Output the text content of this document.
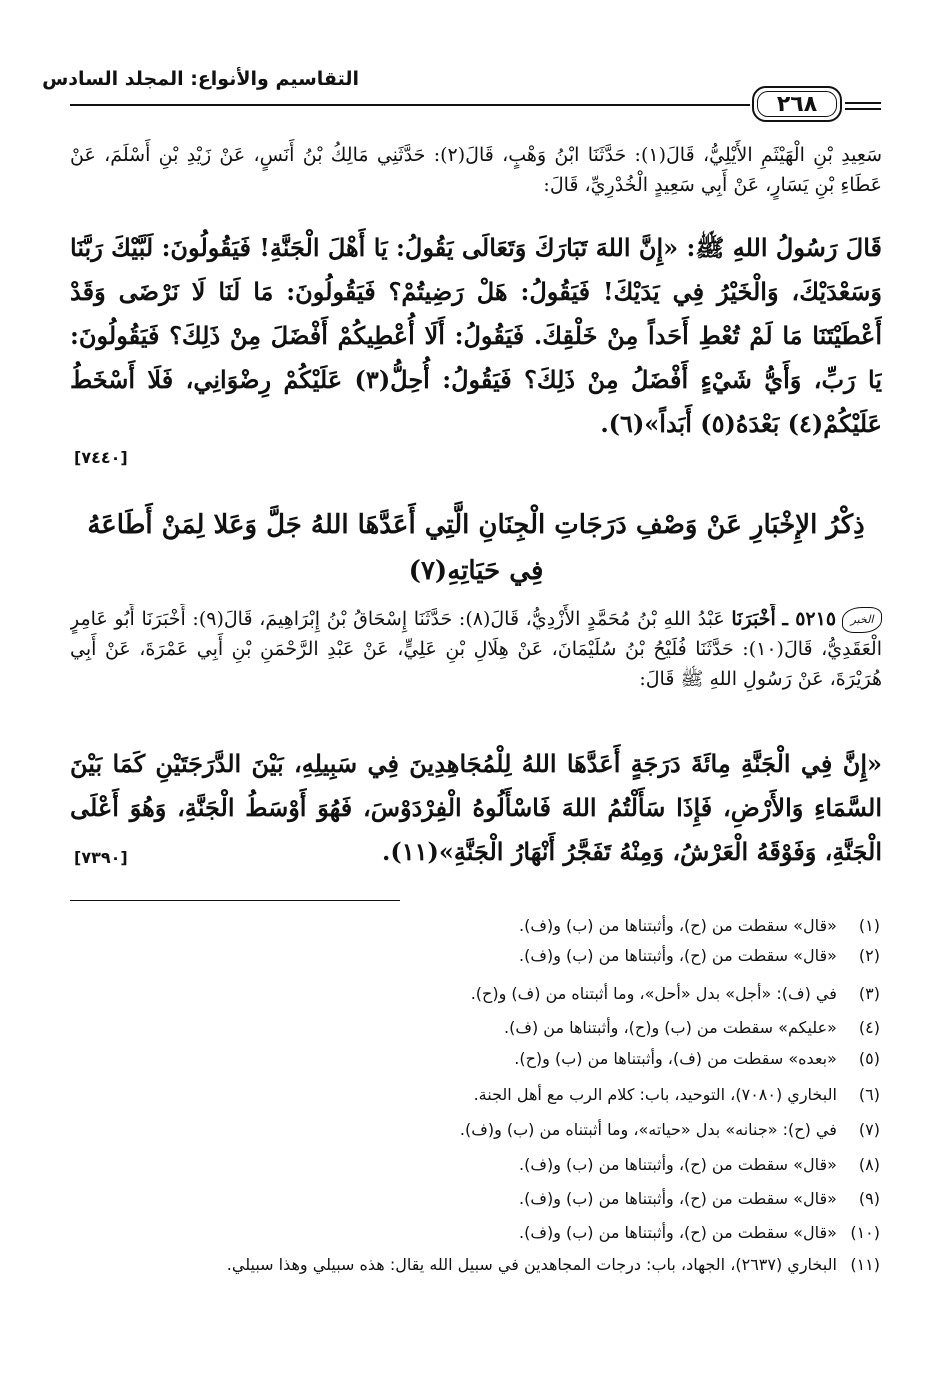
التقاسيم والأنواع: المجلد السادس
٢٦٨
سَعِيدِ بْنِ الْهَيْثَمِ الأَيْلِيُّ، قَالَ(١): حَدَّثَنَا ابْنُ وَهْبٍ، قَالَ(٢): حَدَّثَنِي مَالِكُ بْنُ أَنَسٍ، عَنْ زَيْدِ بْنِ أَسْلَمَ، عَنْ عَطَاءِ بْنِ يَسَارٍ، عَنْ أَبِي سَعِيدٍ الْخُدْرِيِّ، قَالَ:
قَالَ رَسُولُ اللهِ ﷺ: «إِنَّ اللهَ تَبَارَكَ وَتَعَالَى يَقُولُ: يَا أَهْلَ الْجَنَّةِ! فَيَقُولُونَ: لَبَّيْكَ رَبَّنَا وَسَعْدَيْكَ، وَالْخَيْرُ فِي يَدَيْكَ! فَيَقُولُ: هَلْ رَضِيتُمْ؟ فَيَقُولُونَ: مَا لَنَا لَا نَرْضَى وَقَدْ أَعْطَيْتَنَا مَا لَمْ تُعْطِ أَحَداً مِنْ خَلْقِكَ. فَيَقُولُ: أَلَا أُعْطِيكُمْ أَفْضَلَ مِنْ ذَلِكَ؟ فَيَقُولُونَ: يَا رَبِّ، وَأَيُّ شَيْءٍ أَفْضَلُ مِنْ ذَلِكَ؟ فَيَقُولُ: أُحِلُّ(٣) عَلَيْكُمْ رِضْوَانِي، فَلَا أَسْخَطُ عَلَيْكُمْ(٤) بَعْدَهُ(٥) أَبَداً»(٦).
[٧٤٤٠]
ذِكْرُ الإِخْبَارِ عَنْ وَصْفِ دَرَجَاتِ الْجِنَانِ الَّتِي أَعَدَّهَا اللهُ جَلَّ وَعَلا لِمَنْ أَطَاعَهُ فِي حَيَاتِهِ(٧)
الخبر٥٢١٥ ـ أَخْبَرَنَا عَبْدُ اللهِ بْنُ مُحَمَّدٍ الأَزْدِيُّ، قَالَ(٨): حَدَّثَنَا إِسْحَاقُ بْنُ إِبْرَاهِيمَ، قَالَ(٩): أَخْبَرَنَا أَبُو عَامِرٍ الْعَقَدِيُّ، قَالَ(١٠): حَدَّثَنَا فُلَيْحُ بْنُ سُلَيْمَانَ، عَنْ هِلَالِ بْنِ عَلِيٍّ، عَنْ عَبْدِ الرَّحْمَنِ بْنِ أَبِي عَمْرَةَ، عَنْ أَبِي هُرَيْرَةَ، عَنْ رَسُولِ اللهِ ﷺ قَالَ:
«إِنَّ فِي الْجَنَّةِ مِائَةَ دَرَجَةٍ أَعَدَّهَا اللهُ لِلْمُجَاهِدِينَ فِي سَبِيلِهِ، بَيْنَ الدَّرَجَتَيْنِ كَمَا بَيْنَ السَّمَاءِ وَالأَرْضِ، فَإِذَا سَأَلْتُمُ اللهَ فَاسْأَلُوهُ الْفِرْدَوْسَ، فَهُوَ أَوْسَطُ الْجَنَّةِ، وَهُوَ أَعْلَى الْجَنَّةِ، وَفَوْقَهُ الْعَرْشُ، وَمِنْهُ تَفَجَّرُ أَنْهَارُ الْجَنَّةِ»(١١).
[٧٣٩٠]
(١) «قال» سقطت من (ح)، وأثبتناها من (ب) و(ف).
(٢) «قال» سقطت من (ح)، وأثبتناها من (ب) و(ف).
(٣) في (ف): «أجل» بدل «أحل»، وما أثبتناه من (ف) و(ح).
(٤) «عليكم» سقطت من (ب) و(ح)، وأثبتناها من (ف).
(٥) «بعده» سقطت من (ف)، وأثبتناها من (ب) و(ح).
(٦) البخاري (٧٠٨٠)، التوحيد، باب: كلام الرب مع أهل الجنة.
(٧) في (ح): «جنانه» بدل «حياته»، وما أثبتناه من (ب) و(ف).
(٨) «قال» سقطت من (ح)، وأثبتناها من (ب) و(ف).
(٩) «قال» سقطت من (ح)، وأثبتناها من (ب) و(ف).
(١٠) «قال» سقطت من (ح)، وأثبتناها من (ب) و(ف).
(١١) البخاري (٢٦٣٧)، الجهاد، باب: درجات المجاهدين في سبيل الله يقال: هذه سبيلي وهذا سبيلي.
